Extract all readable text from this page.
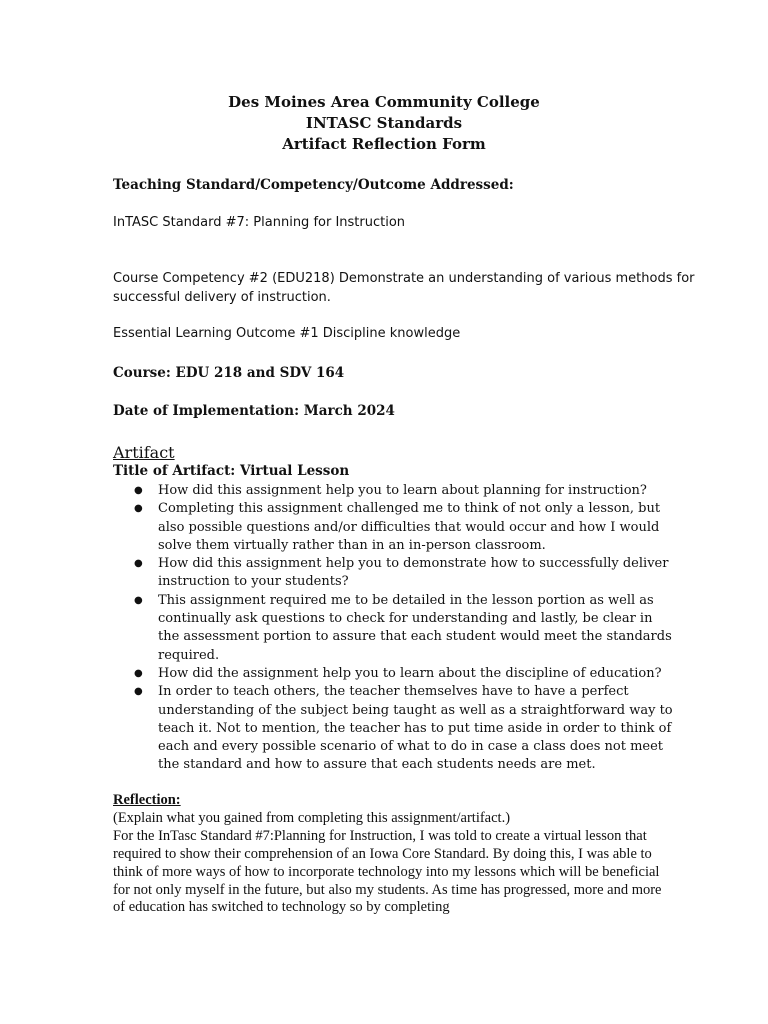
Des Moines Area Community College
INTASC Standards
Artifact Reflection Form
Teaching Standard/Competency/Outcome Addressed:
InTASC Standard #7: Planning for Instruction
Course Competency #2 (EDU218) Demonstrate an understanding of various methods for
successful delivery of instruction.
Essential Learning Outcome #1 Discipline knowledge
Course: EDU 218 and SDV 164
Date of Implementation: March 2024
Artifact
Title of Artifact: Virtual Lesson
● How did this assignment help you to learn about planning for instruction?
● Completing this assignment challenged me to think of not only a lesson, but also possible questions and/or difficulties that would occur and how I would solve them virtually rather than in an in-person classroom.
● How did this assignment help you to demonstrate how to successfully deliver instruction to your students?
● This assignment required me to be detailed in the lesson portion as well as continually ask questions to check for understanding and lastly, be clear in the assessment portion to assure that each student would meet the standards required.
● How did the assignment help you to learn about the discipline of education?
● In order to teach others, the teacher themselves have to have a perfect understanding of the subject being taught as well as a straightforward way to teach it. Not to mention, the teacher has to put time aside in order to think of each and every possible scenario of what to do in case a class does not meet the standard and how to assure that each students needs are met.
Reflection:
(Explain what you gained from completing this assignment/artifact.)
For the InTasc Standard #7:Planning for Instruction, I was told to create a virtual lesson that required to show their comprehension of an Iowa Core Standard. By doing this, I was able to think of more ways of how to incorporate technology into my lessons which will be beneficial for not only myself in the future, but also my students. As time has progressed, more and more of education has switched to technology so by completing
